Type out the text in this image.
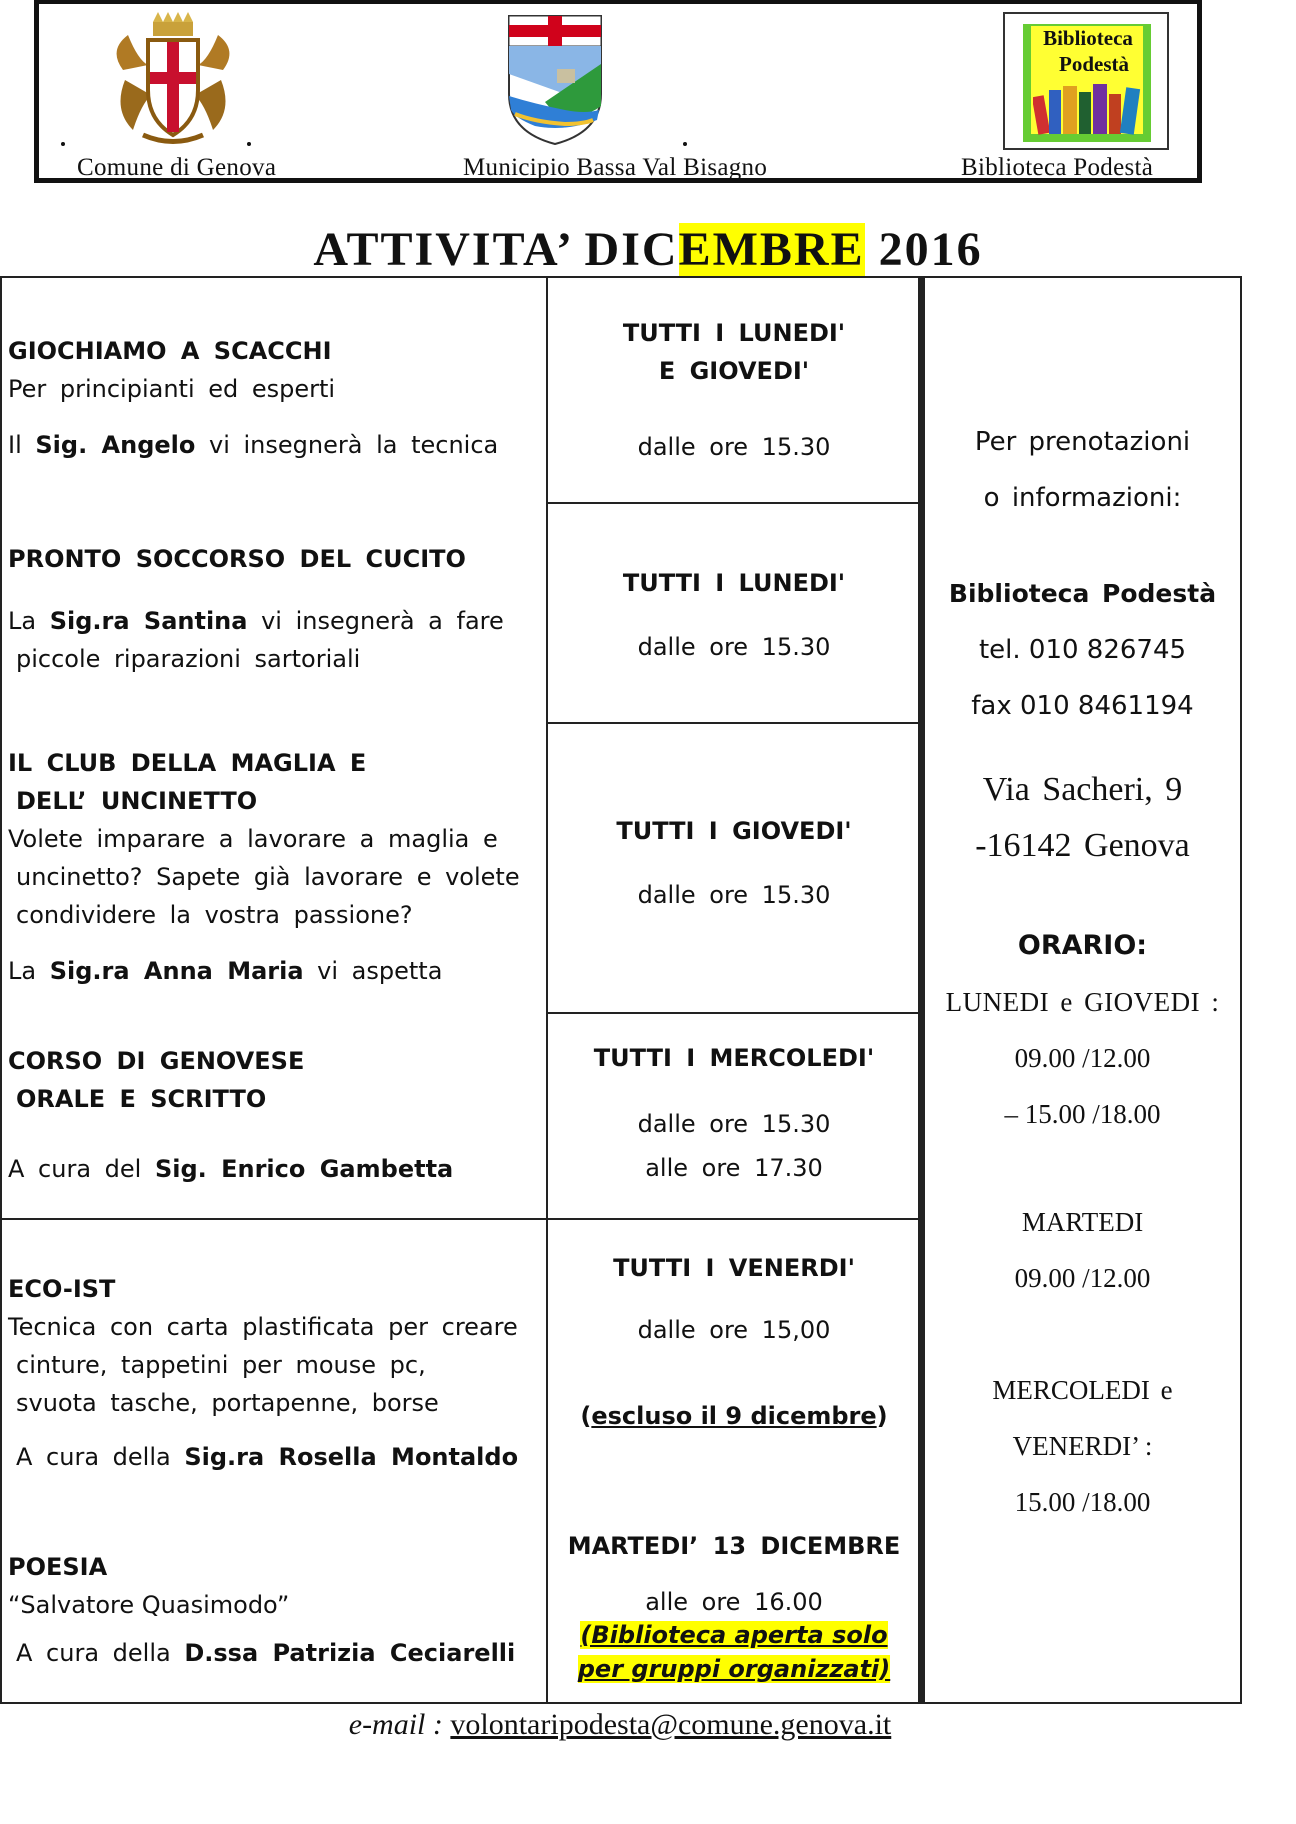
Biblioteca
Podestà
Comune di Genova	Municipio Bassa Val Bisagno	Biblioteca Podestà
ATTIVITA’ DICEMBRE 2016
GIOCHIAMO A SCACCHI
Per principianti ed esperti
Il Sig. Angelo vi insegnerà la tecnica
TUTTI I LUNEDI'
E GIOVEDI'
dalle ore 15.30
PRONTO SOCCORSO DEL CUCITO
La Sig.ra Santina vi insegnerà a fare
piccole riparazioni sartoriali
TUTTI I LUNEDI'
dalle ore 15.30
IL CLUB DELLA MAGLIA E
DELL’ UNCINETTO
Volete imparare a lavorare a maglia e
uncinetto? Sapete già lavorare e volete
condividere la vostra passione?
La Sig.ra Anna Maria vi aspetta
TUTTI I GIOVEDI'
dalle ore 15.30
CORSO DI GENOVESE
ORALE E SCRITTO
A cura del Sig. Enrico Gambetta
TUTTI I MERCOLEDI'
dalle ore 15.30
alle ore 17.30
ECO-IST
Tecnica con carta plastificata per creare
cinture, tappetini per mouse pc,
svuota tasche, portapenne, borse
A cura della Sig.ra Rosella Montaldo
TUTTI I VENERDI'
dalle ore 15,00
(escluso il 9 dicembre)
POESIA
“Salvatore Quasimodo”
A cura della D.ssa Patrizia Ceciarelli
MARTEDI’ 13 DICEMBRE
alle ore 16.00
(Biblioteca aperta solo
per gruppi organizzati)
Per prenotazioni
o informazioni:
Biblioteca Podestà
tel. 010 826745
fax 010 8461194
Via Sacheri, 9
-16142 Genova
ORARIO:
LUNEDI e GIOVEDI :
09.00 /12.00
– 15.00 /18.00
MARTEDI
09.00 /12.00
MERCOLEDI e
VENERDI’ :
15.00 /18.00
e-mail : volontaripodesta@comune.genova.it
